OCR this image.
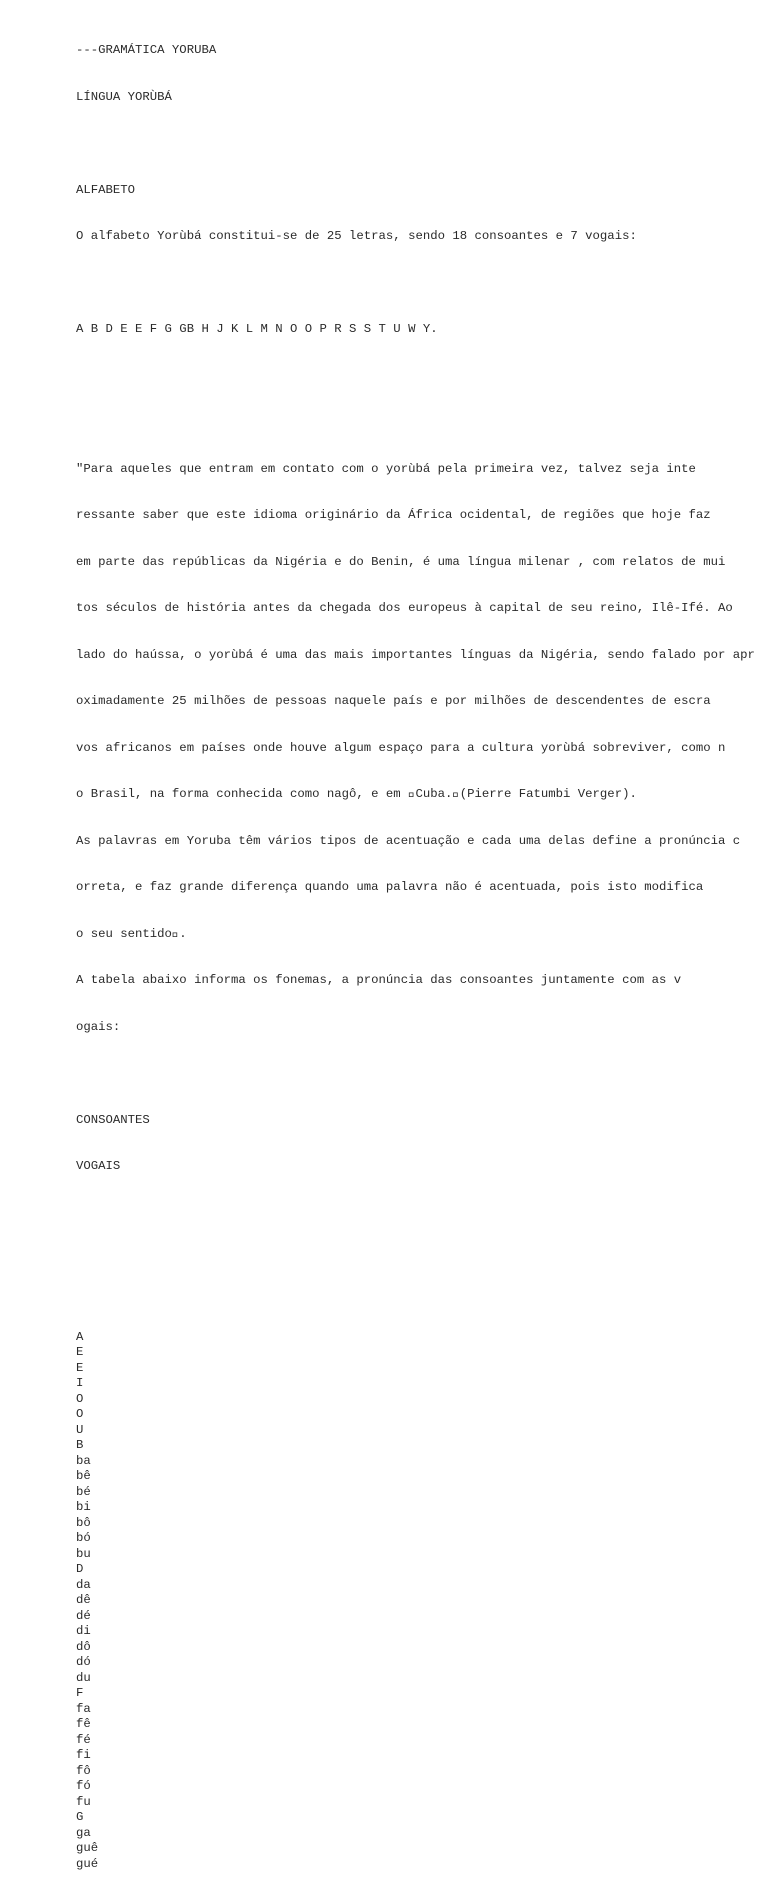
---GRAMÁTICA YORUBA

LÍNGUA YORÙBÁ

ALFABETO

O alfabeto Yorùbá constitui-se de 25 letras, sendo 18 consoantes e 7 vogais:

A B D E E F G GB H J K L M N O O P R S S T U W Y.

"Para aqueles que entram em contato com o yorùbá pela primeira vez, talvez seja inte

ressante saber que este idioma originário da África ocidental, de regiões que hoje faz

em parte das repúblicas da Nigéria e do Benin, é uma língua milenar , com relatos de mui

tos séculos de história antes da chegada dos europeus à capital de seu reino, Ilê-Ifé. Ao

lado do haússa, o yorùbá é uma das mais importantes línguas da Nigéria, sendo falado por apr

oximadamente 25 milhões de pessoas naquele país e por milhões de descendentes de escra

vos africanos em países onde houve algum espaço para a cultura yorùbá sobreviver, como n

o Brasil, na forma conhecida como nagô, e em  Cuba. (Pierre Fatumbi Verger).

As palavras em Yoruba têm vários tipos de acentuação e cada uma delas define a pronúncia c

orreta, e faz grande diferença quando uma palavra não é acentuada, pois isto modifica

o seu sentido .

A tabela abaixo informa os fonemas, a pronúncia das consoantes juntamente com as v

ogais:

CONSOANTES

VOGAIS

A
E
E
I
O
O
U
B
ba
bê
bé
bi
bô
bó
bu
D
da
dê
dé
di
dô
dó
du
F
fa
fê
fé
fi
fô
fó
fu
G
ga
guê
gué
